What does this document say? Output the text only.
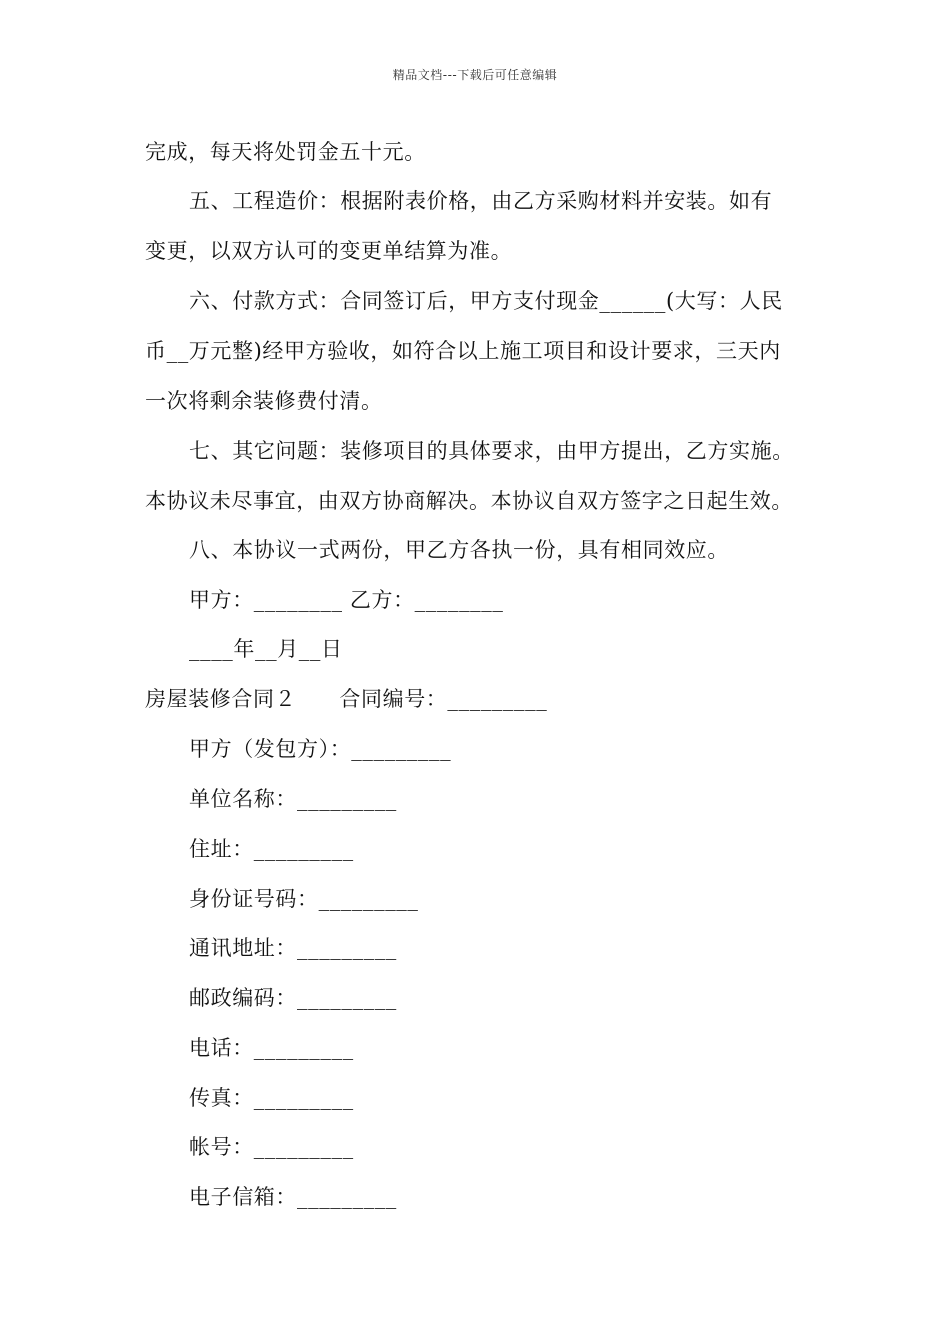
精品文档---下载后可任意编辑
完成，每天将处罚金五十元。
五、工程造价：根据附表价格，由乙方采购材料并安装。如有
变更，以双方认可的变更单结算为准。
六、付款方式：合同签订后，甲方支付现金______(大写：人民
币__万元整)经甲方验收，如符合以上施工项目和设计要求，三天内
一次将剩余装修费付清。
七、其它问题：装修项目的具体要求，由甲方提出，乙方实施。
本协议未尽事宜，由双方协商解决。本协议自双方签字之日起生效。
八、本协议一式两份，甲乙方各执一份，具有相同效应。
甲方：________ 乙方：________
____年__月__日
房屋装修合同２　　合同编号：_________
甲方（发包方）：_________
单位名称：_________
住址：_________
身份证号码：_________
通讯地址：_________
邮政编码：_________
电话：_________
传真：_________
帐号：_________
电子信箱：_________
